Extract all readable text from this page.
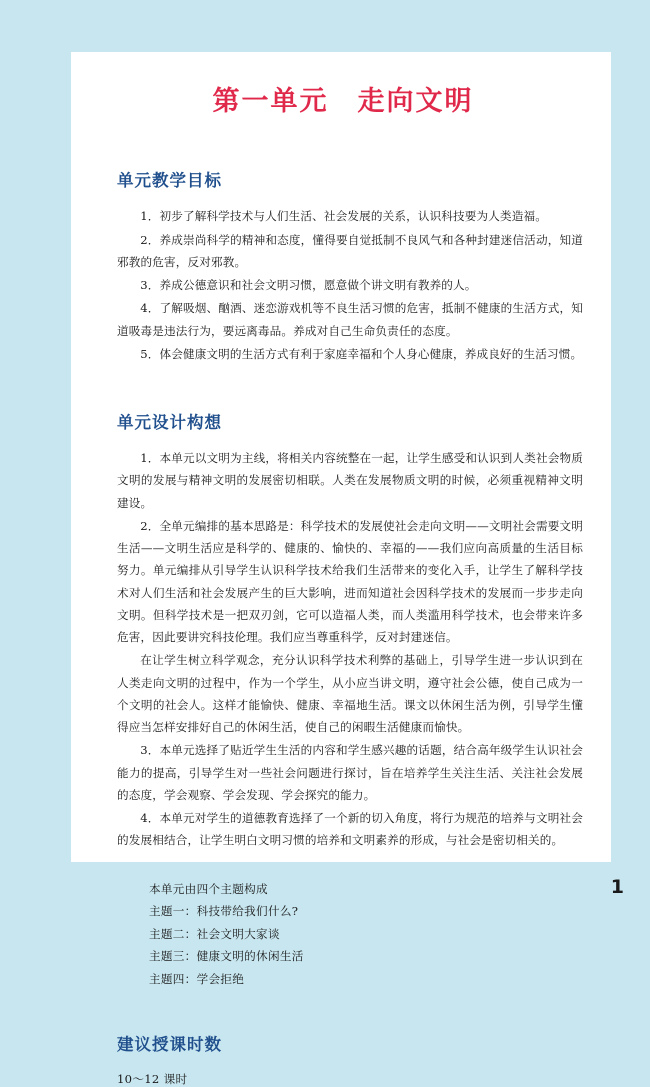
第一单元　走向文明
单元教学目标

1．初步了解科学技术与人们生活、社会发展的关系，认识科技要为人类造福。

2．养成崇尚科学的精神和态度，懂得要自觉抵制不良风气和各种封建迷信活动，知道邪教的危害，反对邪教。

3．养成公德意识和社会文明习惯，愿意做个讲文明有教养的人。

4．了解吸烟、酗酒、迷恋游戏机等不良生活习惯的危害，抵制不健康的生活方式，知道吸毒是违法行为，要远离毒品。养成对自己生命负责任的态度。

5．体会健康文明的生活方式有利于家庭幸福和个人身心健康，养成良好的生活习惯。

单元设计构想

1．本单元以文明为主线，将相关内容统整在一起，让学生感受和认识到人类社会物质文明的发展与精神文明的发展密切相联。人类在发展物质文明的时候，必须重视精神文明建设。

2．全单元编排的基本思路是：科学技术的发展使社会走向文明——文明社会需要文明生活——文明生活应是科学的、健康的、愉快的、幸福的——我们应向高质量的生活目标努力。单元编排从引导学生认识科学技术给我们生活带来的变化入手，让学生了解科学技术对人们生活和社会发展产生的巨大影响，进而知道社会因科学技术的发展而一步步走向文明。但科学技术是一把双刃剑，它可以造福人类，而人类滥用科学技术，也会带来许多危害，因此要讲究科技伦理。我们应当尊重科学，反对封建迷信。

在让学生树立科学观念，充分认识科学技术利弊的基础上，引导学生进一步认识到在人类走向文明的过程中，作为一个学生，从小应当讲文明，遵守社会公德，使自己成为一个文明的社会人。这样才能愉快、健康、幸福地生活。课文以休闲生活为例，引导学生懂得应当怎样安排好自己的休闲生活，使自己的闲暇生活健康而愉快。

3．本单元选择了贴近学生生活的内容和学生感兴趣的话题，结合高年级学生认识社会能力的提高，引导学生对一些社会问题进行探讨，旨在培养学生关注生活、关注社会发展的态度，学会观察、学会发现、学会探究的能力。

4．本单元对学生的道德教育选择了一个新的切入角度，将行为规范的培养与文明社会的发展相结合，让学生明白文明习惯的培养和文明素养的形成，与社会是密切相关的。

本单元由四个主题构成

主题一：科技带给我们什么?

主题二：社会文明大家谈

主题三：健康文明的休闲生活

主题四：学会拒绝

建议授课时数

10～12 课时

1
